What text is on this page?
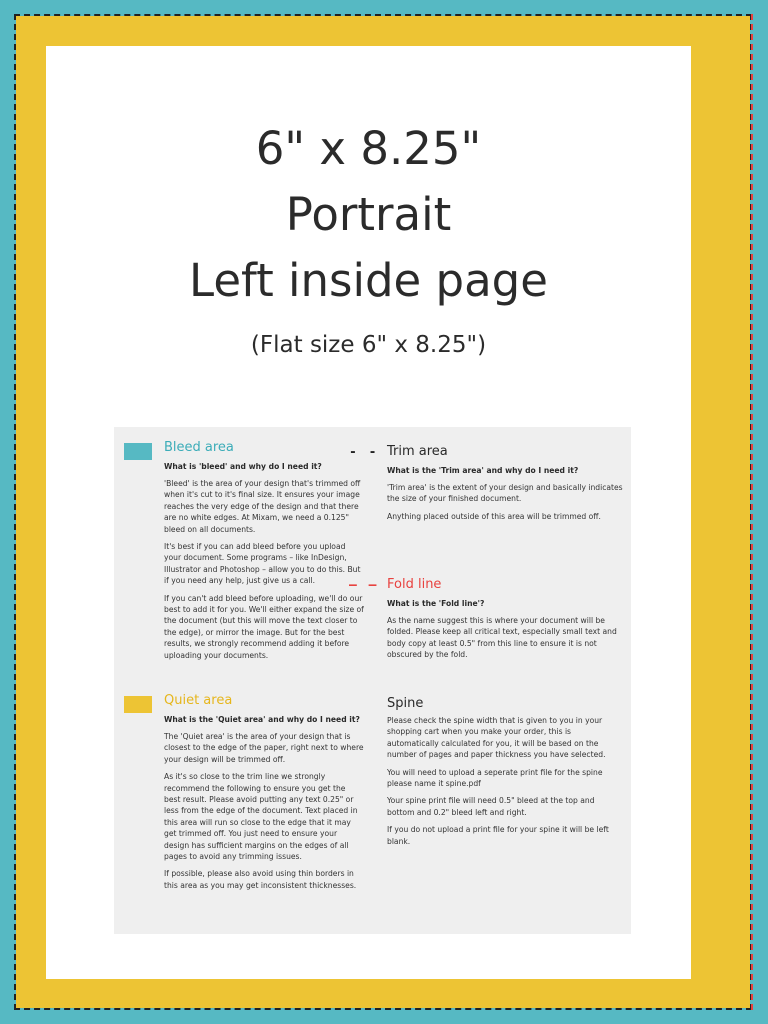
6" x 8.25"
Portrait
Left inside page
(Flat size 6" x 8.25")
Bleed area
What is 'bleed' and why do I need it?

'Bleed' is the area of your design that's trimmed off when it's cut to it's final size. It ensures your image reaches the very edge of the design and that there are no white edges. At Mixam, we need a 0.125" bleed on all documents.

It's best if you can add bleed before you upload your document. Some programs – like InDesign, Illustrator and Photoshop – allow you to do this. But if you need any help, just give us a call.

If you can't add bleed before uploading, we'll do our best to add it for you. We'll either expand the size of the document (but this will move the text closer to the edge), or mirror the image. But for the best results, we strongly recommend adding it before uploading your documents.

Quiet area
What is the 'Quiet area' and why do I need it?

The 'Quiet area' is the area of your design that is closest to the edge of the paper, right next to where your design will be trimmed off.

As it's so close to the trim line we strongly recommend the following to ensure you get the best result. Please avoid putting any text 0.25" or less from the edge of the document. Text placed in this area will run so close to the edge that it may get trimmed off. You just need to ensure your design has sufficient margins on the edges of all pages to avoid any trimming issues.

If possible, please also avoid using thin borders in this area as you may get inconsistent thicknesses.

- - Trim area
What is the 'Trim area' and why do I need it?

'Trim area' is the extent of your design and basically indicates the size of your finished document.

Anything placed outside of this area will be trimmed off.

— — Fold line
What is the 'Fold line'?

As the name suggest this is where your document will be folded. Please keep all critical text, especially small text and body copy at least 0.5" from this line to ensure it is not obscured by the fold.

Spine

Please check the spine width that is given to you in your shopping cart when you make your order, this is automatically calculated for you, it will be based on the number of pages and paper thickness you have selected.

You will need to upload a seperate print file for the spine please name it spine.pdf

Your spine print file will need 0.5" bleed at the top and bottom and 0.2" bleed left and right.

If you do not upload a print file for your spine it will be left blank.
